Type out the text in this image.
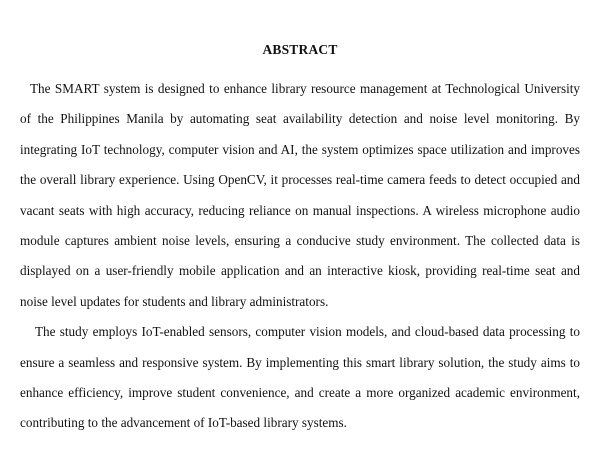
ABSTRACT

The SMART system is designed to enhance library resource management at Technological University of the Philippines Manila by automating seat availability detection and noise level monitoring. By integrating IoT technology, computer vision and AI, the system optimizes space utilization and improves the overall library experience. Using OpenCV, it processes real-time camera feeds to detect occupied and vacant seats with high accuracy, reducing reliance on manual inspections. A wireless microphone audio module captures ambient noise levels, ensuring a conducive study environment. The collected data is displayed on a user-friendly mobile application and an interactive kiosk, providing real-time seat and noise level updates for students and library administrators.

The study employs IoT-enabled sensors, computer vision models, and cloud-based data processing to ensure a seamless and responsive system. By implementing this smart library solution, the study aims to enhance efficiency, improve student convenience, and create a more organized academic environment, contributing to the advancement of IoT-based library systems.
